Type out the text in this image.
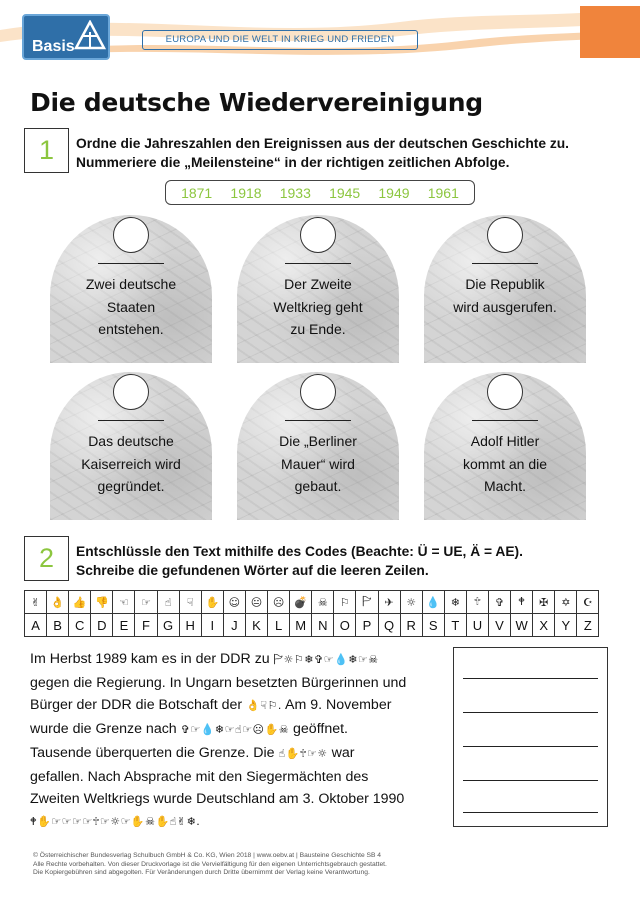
Basis	EUROPA UND DIE WELT IN KRIEG UND FRIEDEN
Die deutsche Wiedervereinigung
1	Ordne die Jahreszahlen den Ereignissen aus der deutschen Geschichte zu.
Nummeriere die „Meilensteine“ in der richtigen zeitlichen Abfolge.
1871 1918 1933 1945 1949 1961
Zwei deutsche
Staaten
entstehen.
Der Zweite
Weltkrieg geht
zu Ende.
Die Republik
wird ausgerufen.
Das deutsche
Kaiserreich wird
gegründet.
Die „Berliner
Mauer“ wird
gebaut.
Adolf Hitler
kommt an die
Macht.
2	Entschlüssle den Text mithilfe des Codes (Beachte: Ü = UE, Ä = AE).
Schreibe die gefundenen Wörter auf die leeren Zeilen.
✌	👌	👍	👎	☜	☞	☝	☟	✋	☺	😐	☹	💣	☠	⚐	🏱	✈	☼	💧	❄	🕆	✞	🕈	✠	✡	☪
A	B	C	D	E	F	G	H	I	J	K	L	M	N	O	P	Q	R	S	T	U	V	W	X	Y	Z
Im Herbst 1989 kam es in der DDR zu 🏱☼⚐❄✞☞💧❄☞☠
gegen die Regierung. In Ungarn besetzten Bürgerinnen und
Bürger der DDR die Botschaft der 👌☟⚐. Am 9. November
wurde die Grenze nach ✞☞💧❄☞☝☞☹✋☠ geöffnet.
Tausende überquerten die Grenze. Die ☝✋🕆☞☼ war
gefallen. Nach Absprache mit den Siegermächten des
Zweiten Weltkriegs wurde Deutschland am 3. Oktober 1990
🕈✋☞☞☞☞🕆☞☼☞✋☠✋☝✌❄.
© Österreichischer Bundesverlag Schulbuch GmbH & Co. KG, Wien 2018 | www.oebv.at | Bausteine Geschichte SB 4
Alle Rechte vorbehalten. Von dieser Druckvorlage ist die Vervielfältigung für den eigenen Unterrichtsgebrauch gestattet.
Die Kopiergebühren sind abgegolten. Für Veränderungen durch Dritte übernimmt der Verlag keine Verantwortung.
